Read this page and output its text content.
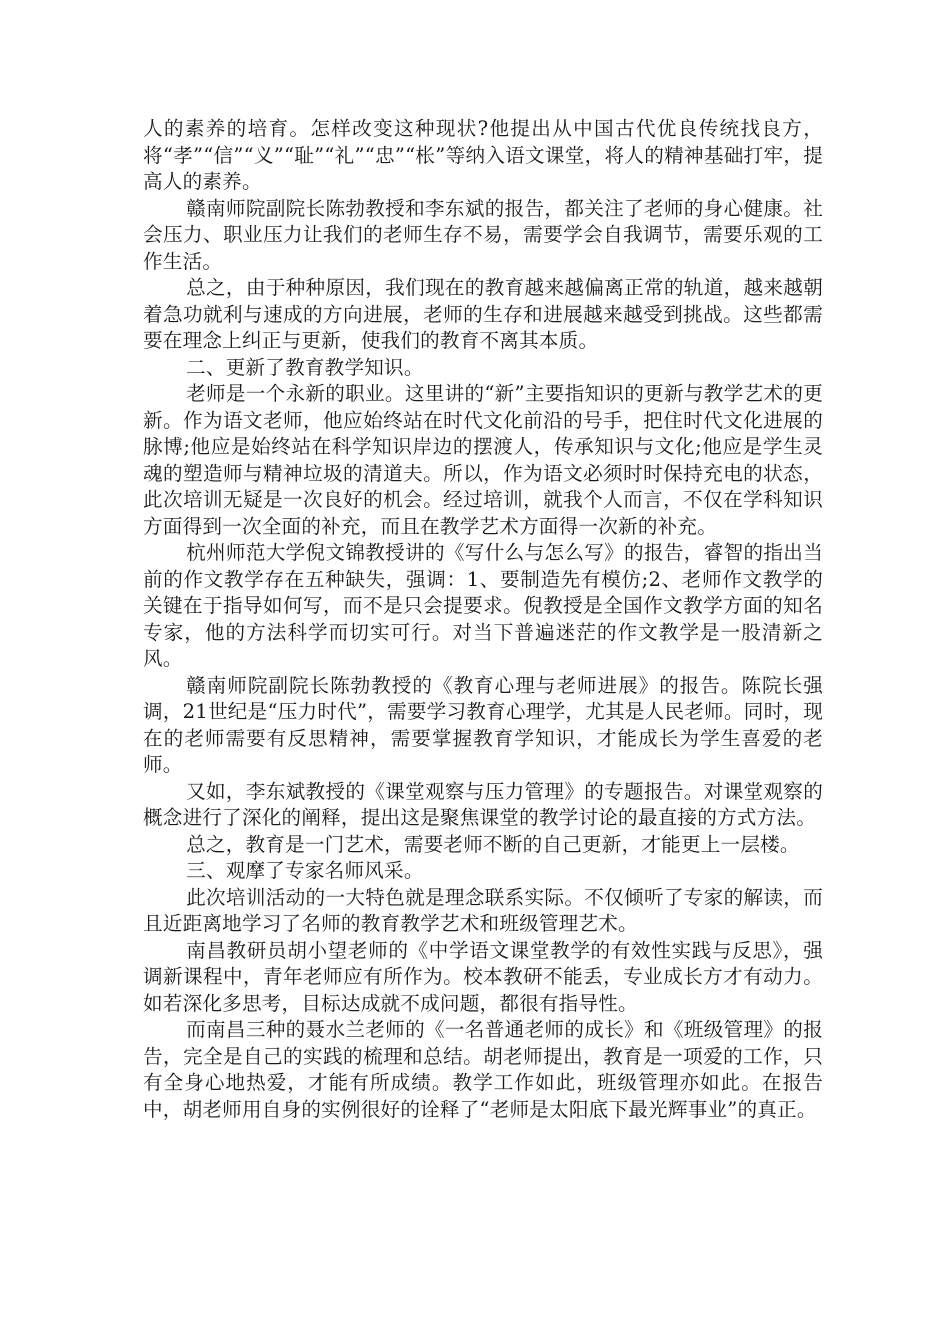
人的素养的培育。怎样改变这种现状?他提出从中国古代优良传统找良方，将“孝”“信”“义”“耻”“礼”“忠”“枨”等纳入语文课堂，将人的精神基础打牢，提高人的素养。

赣南师院副院长陈勃教授和李东斌的报告，都关注了老师的身心健康。社会压力、职业压力让我们的老师生存不易，需要学会自我调节，需要乐观的工作生活。

总之，由于种种原因，我们现在的教育越来越偏离正常的轨道，越来越朝着急功就利与速成的方向进展，老师的生存和进展越来越受到挑战。这些都需要在理念上纠正与更新，使我们的教育不离其本质。

二、更新了教育教学知识。

老师是一个永新的职业。这里讲的“新”主要指知识的更新与教学艺术的更新。作为语文老师，他应始终站在时代文化前沿的号手，把住时代文化进展的脉博;他应是始终站在科学知识岸边的摆渡人，传承知识与文化;他应是学生灵魂的塑造师与精神垃圾的清道夫。所以，作为语文必须时时保持充电的状态，此次培训无疑是一次良好的机会。经过培训，就我个人而言，不仅在学科知识方面得到一次全面的补充，而且在教学艺术方面得一次新的补充。

杭州师范大学倪文锦教授讲的《写什么与怎么写》的报告，睿智的指出当前的作文教学存在五种缺失，强调：1、要制造先有模仿;2、老师作文教学的关键在于指导如何写，而不是只会提要求。倪教授是全国作文教学方面的知名专家，他的方法科学而切实可行。对当下普遍迷茫的作文教学是一股清新之风。

赣南师院副院长陈勃教授的《教育心理与老师进展》的报告。陈院长强调，21世纪是“压力时代”，需要学习教育心理学，尤其是人民老师。同时，现在的老师需要有反思精神，需要掌握教育学知识，才能成长为学生喜爱的老师。

又如，李东斌教授的《课堂观察与压力管理》的专题报告。对课堂观察的概念进行了深化的阐释，提出这是聚焦课堂的教学讨论的最直接的方式方法。

总之，教育是一门艺术，需要老师不断的自己更新，才能更上一层楼。

三、观摩了专家名师风采。

此次培训活动的一大特色就是理念联系实际。不仅倾听了专家的解读，而且近距离地学习了名师的教育教学艺术和班级管理艺术。

南昌教研员胡小望老师的《中学语文课堂教学的有效性实践与反思》，强调新课程中，青年老师应有所作为。校本教研不能丢，专业成长方才有动力。如若深化多思考，目标达成就不成问题，都很有指导性。

而南昌三种的聂水兰老师的《一名普通老师的成长》和《班级管理》的报告，完全是自己的实践的梳理和总结。胡老师提出，教育是一项爱的工作，只有全身心地热爱，才能有所成绩。教学工作如此，班级管理亦如此。在报告中，胡老师用自身的实例很好的诠释了“老师是太阳底下最光辉事业”的真正。
